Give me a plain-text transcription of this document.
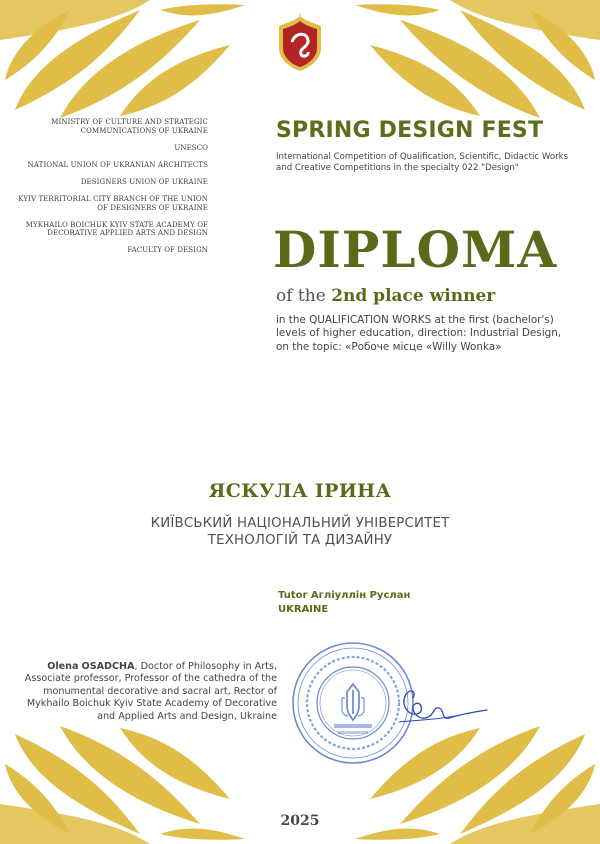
MINISTRY OF CULTURE AND STRATEGIC COMMUNICATIONS OF UKRAINE
UNESCO
NATIONAL UNION OF UKRANIAN ARCHITECTS
DESIGNERS UNION OF UKRAINE
KYIV TERRITORIAL CITY BRANCH OF THE UNION OF DESIGNERS OF UKRAINE
MYKHAILO BOICHUK KYIV STATE ACADEMY OF DECORATIVE APPLIED ARTS AND DESIGN
FACULTY OF DESIGN
SPRING DESIGN FEST
International Competition of Qualification, Scientific, Didactic Works and Creative Competitions in the specialty 022 "Design"
DIPLOMA
of the 2nd place winner
in the QUALIFICATION WORKS at the first (bachelor's) levels of higher education, direction: Industrial Design, on the topic: «Робоче місце «Willy Wonka»
ЯСКУЛА ІРИНА
КИЇВСЬКИЙ НАЦІОНАЛЬНИЙ УНІВЕРСИТЕТ
ТЕХНОЛОГІЙ ТА ДИЗАЙНУ
Tutor Агліуллін Руслан
UKRAINE
Olena OSADCHA, Doctor of Philosophy in Arts, Associate professor, Professor of the cathedra of the monumental decorative and sacral art, Rector of Mykhailo Boichuk Kyiv State Academy of Decorative and Applied Arts and Design, Ukraine
2025
